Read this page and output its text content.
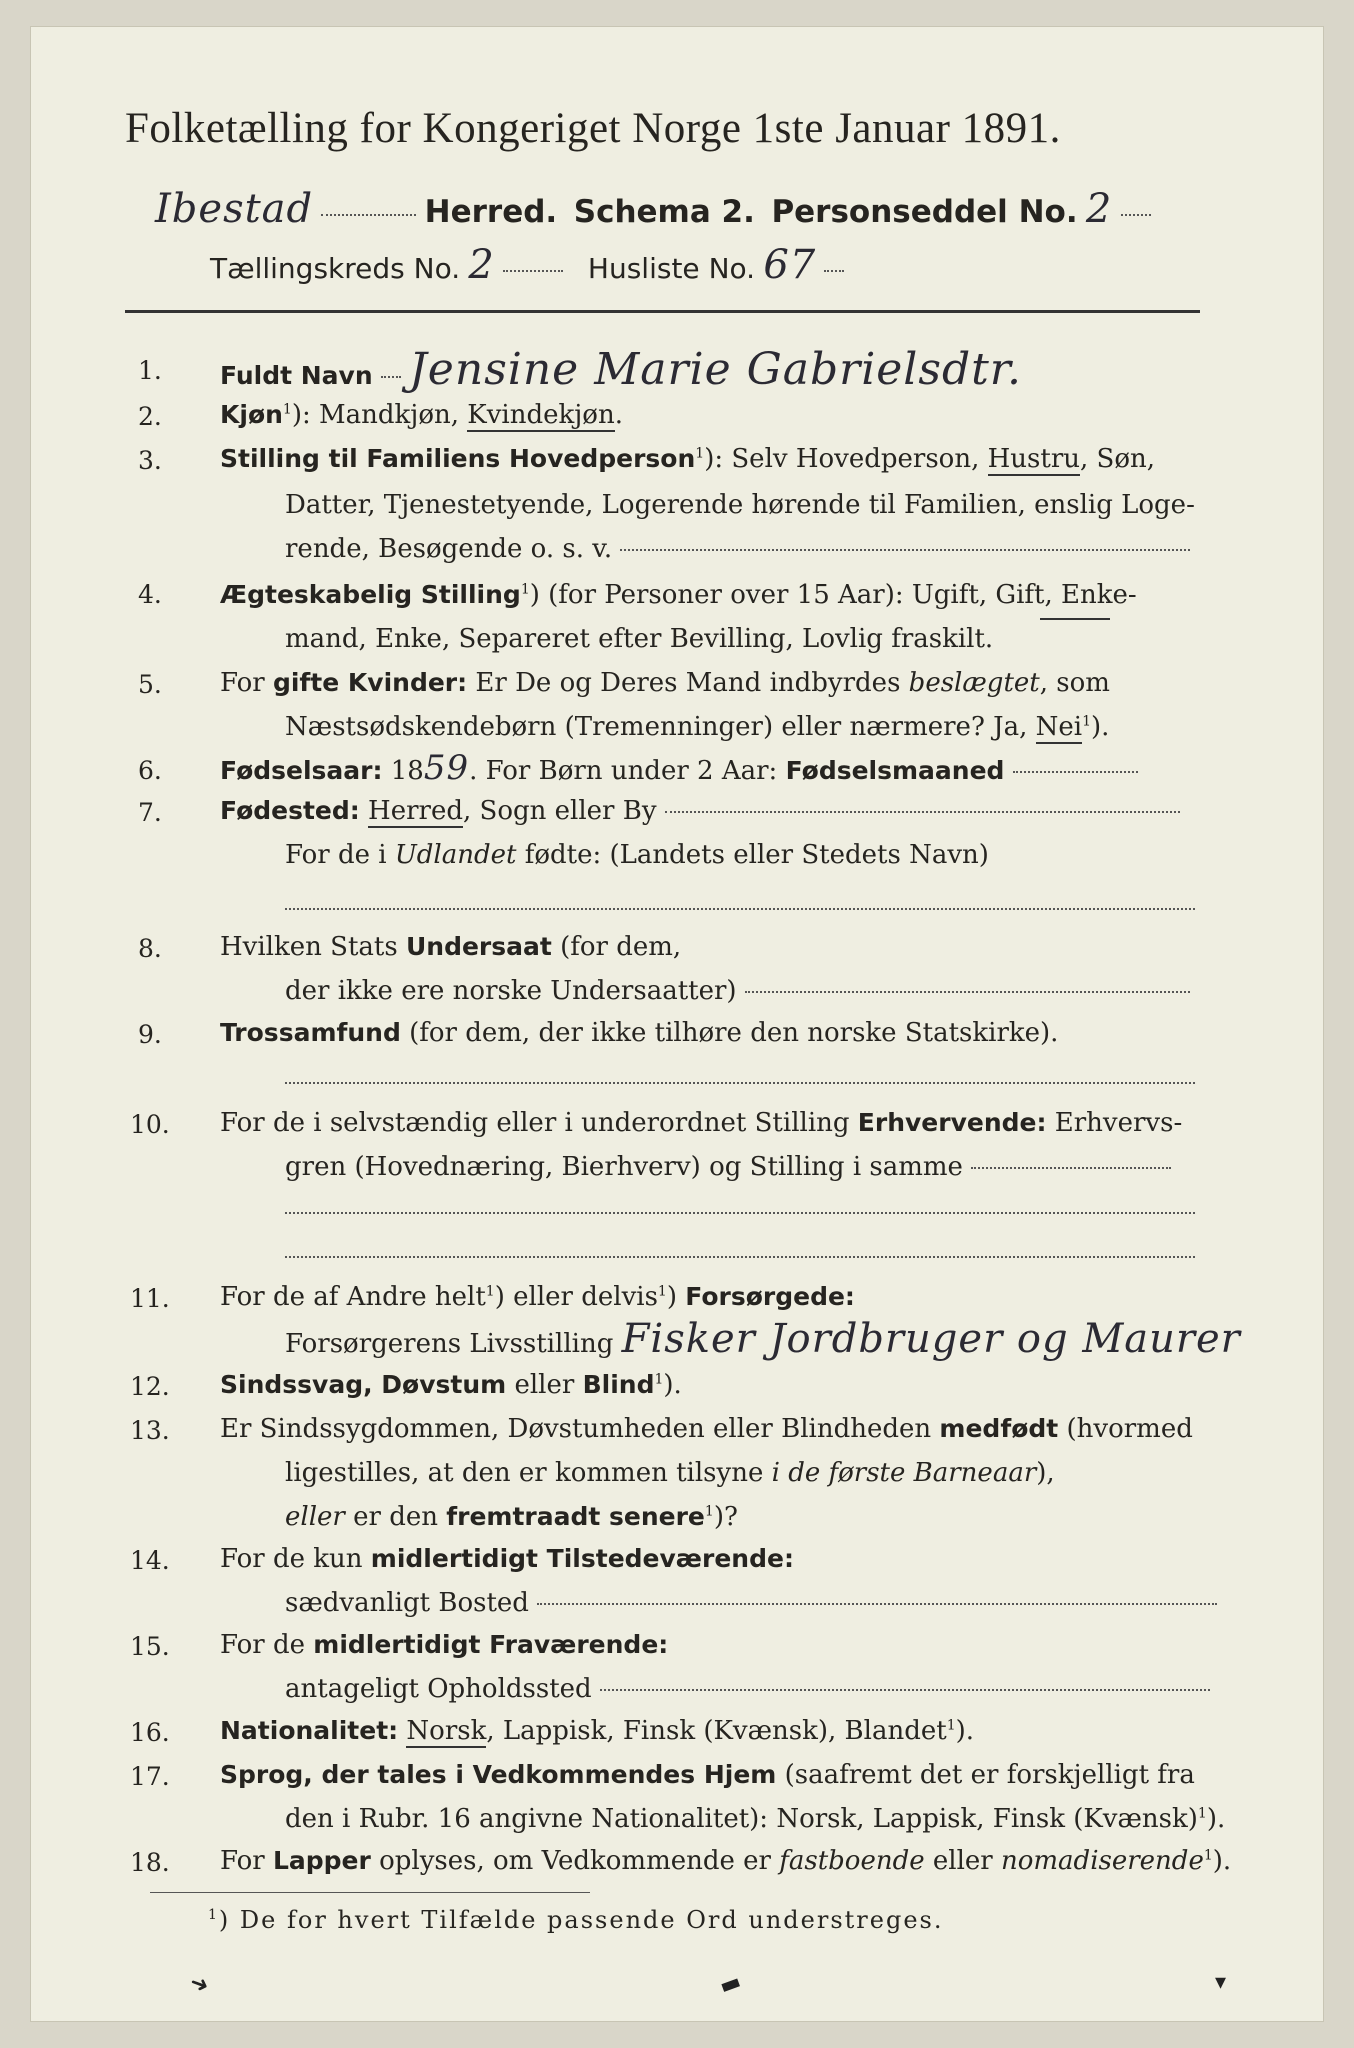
Folketælling for Kongeriget Norge 1ste Januar 1891.
Ibestad	Herred. Schema 2. Personseddel No. 2
Tællingskreds No. 2	Husliste No. 67
1.	Fuldt Navn Jensine Marie Gabrielsdtr.
2.	Kjøn$^1$): Mandkjøn, Kvindekjøn.
3.	Stilling til Familiens Hovedperson$^1$): Selv Hovedperson, Hustru, Søn,
Datter, Tjenestetyende, Logerende hørende til Familien, enslig Loge-
rende, Besøgende o. s. v.
4.	Ægteskabelig Stilling$^1$) (for Personer over 15 Aar): Ugift, Gift, Enke-
mand, Enke, Separeret efter Bevilling, Lovlig fraskilt.
5.	For gifte Kvinder: Er De og Deres Mand indbyrdes beslægtet, som
Næstsødskendebørn (Tremenninger) eller nærmere? Ja, Nei$^1$).
6.	Fødselsaar: 1859. For Børn under 2 Aar: Fødselsmaaned
7.	Fødested: Herred, Sogn eller By
For de i Udlandet fødte: (Landets eller Stedets Navn)
8.	Hvilken Stats Undersaat (for dem,
der ikke ere norske Undersaatter)
9.	Trossamfund (for dem, der ikke tilhøre den norske Statskirke).
10.	For de i selvstændig eller i underordnet Stilling Erhvervende: Erhvervs-
gren (Hovednæring, Bierhverv) og Stilling i samme
11.	For de af Andre helt$^1$) eller delvis$^1$) Forsørgede:
Forsørgerens Livsstilling Fisker Jordbruger og Maurer
12.	Sindssvag, Døvstum eller Blind$^1$).
13.	Er Sindssygdommen, Døvstumheden eller Blindheden medfødt (hvormed
ligestilles, at den er kommen tilsyne i de første Barneaar),
eller er den fremtraadt senere$^1$)?
14.	For de kun midlertidigt Tilstedeværende:
sædvanligt Bosted
15.	For de midlertidigt Fraværende:
antageligt Opholdssted
16.	Nationalitet: Norsk, Lappisk, Finsk (Kvænsk), Blandet$^1$).
17.	Sprog, der tales i Vedkommendes Hjem (saafremt det er forskjelligt fra
den i Rubr. 16 angivne Nationalitet): Norsk, Lappisk, Finsk (Kvænsk)$^1$).
18.	For Lapper oplyses, om Vedkommende er fastboende eller nomadiserende$^1$).
$^1$) De for hvert Tilfælde passende Ord understreges.
➜	▬	▾
